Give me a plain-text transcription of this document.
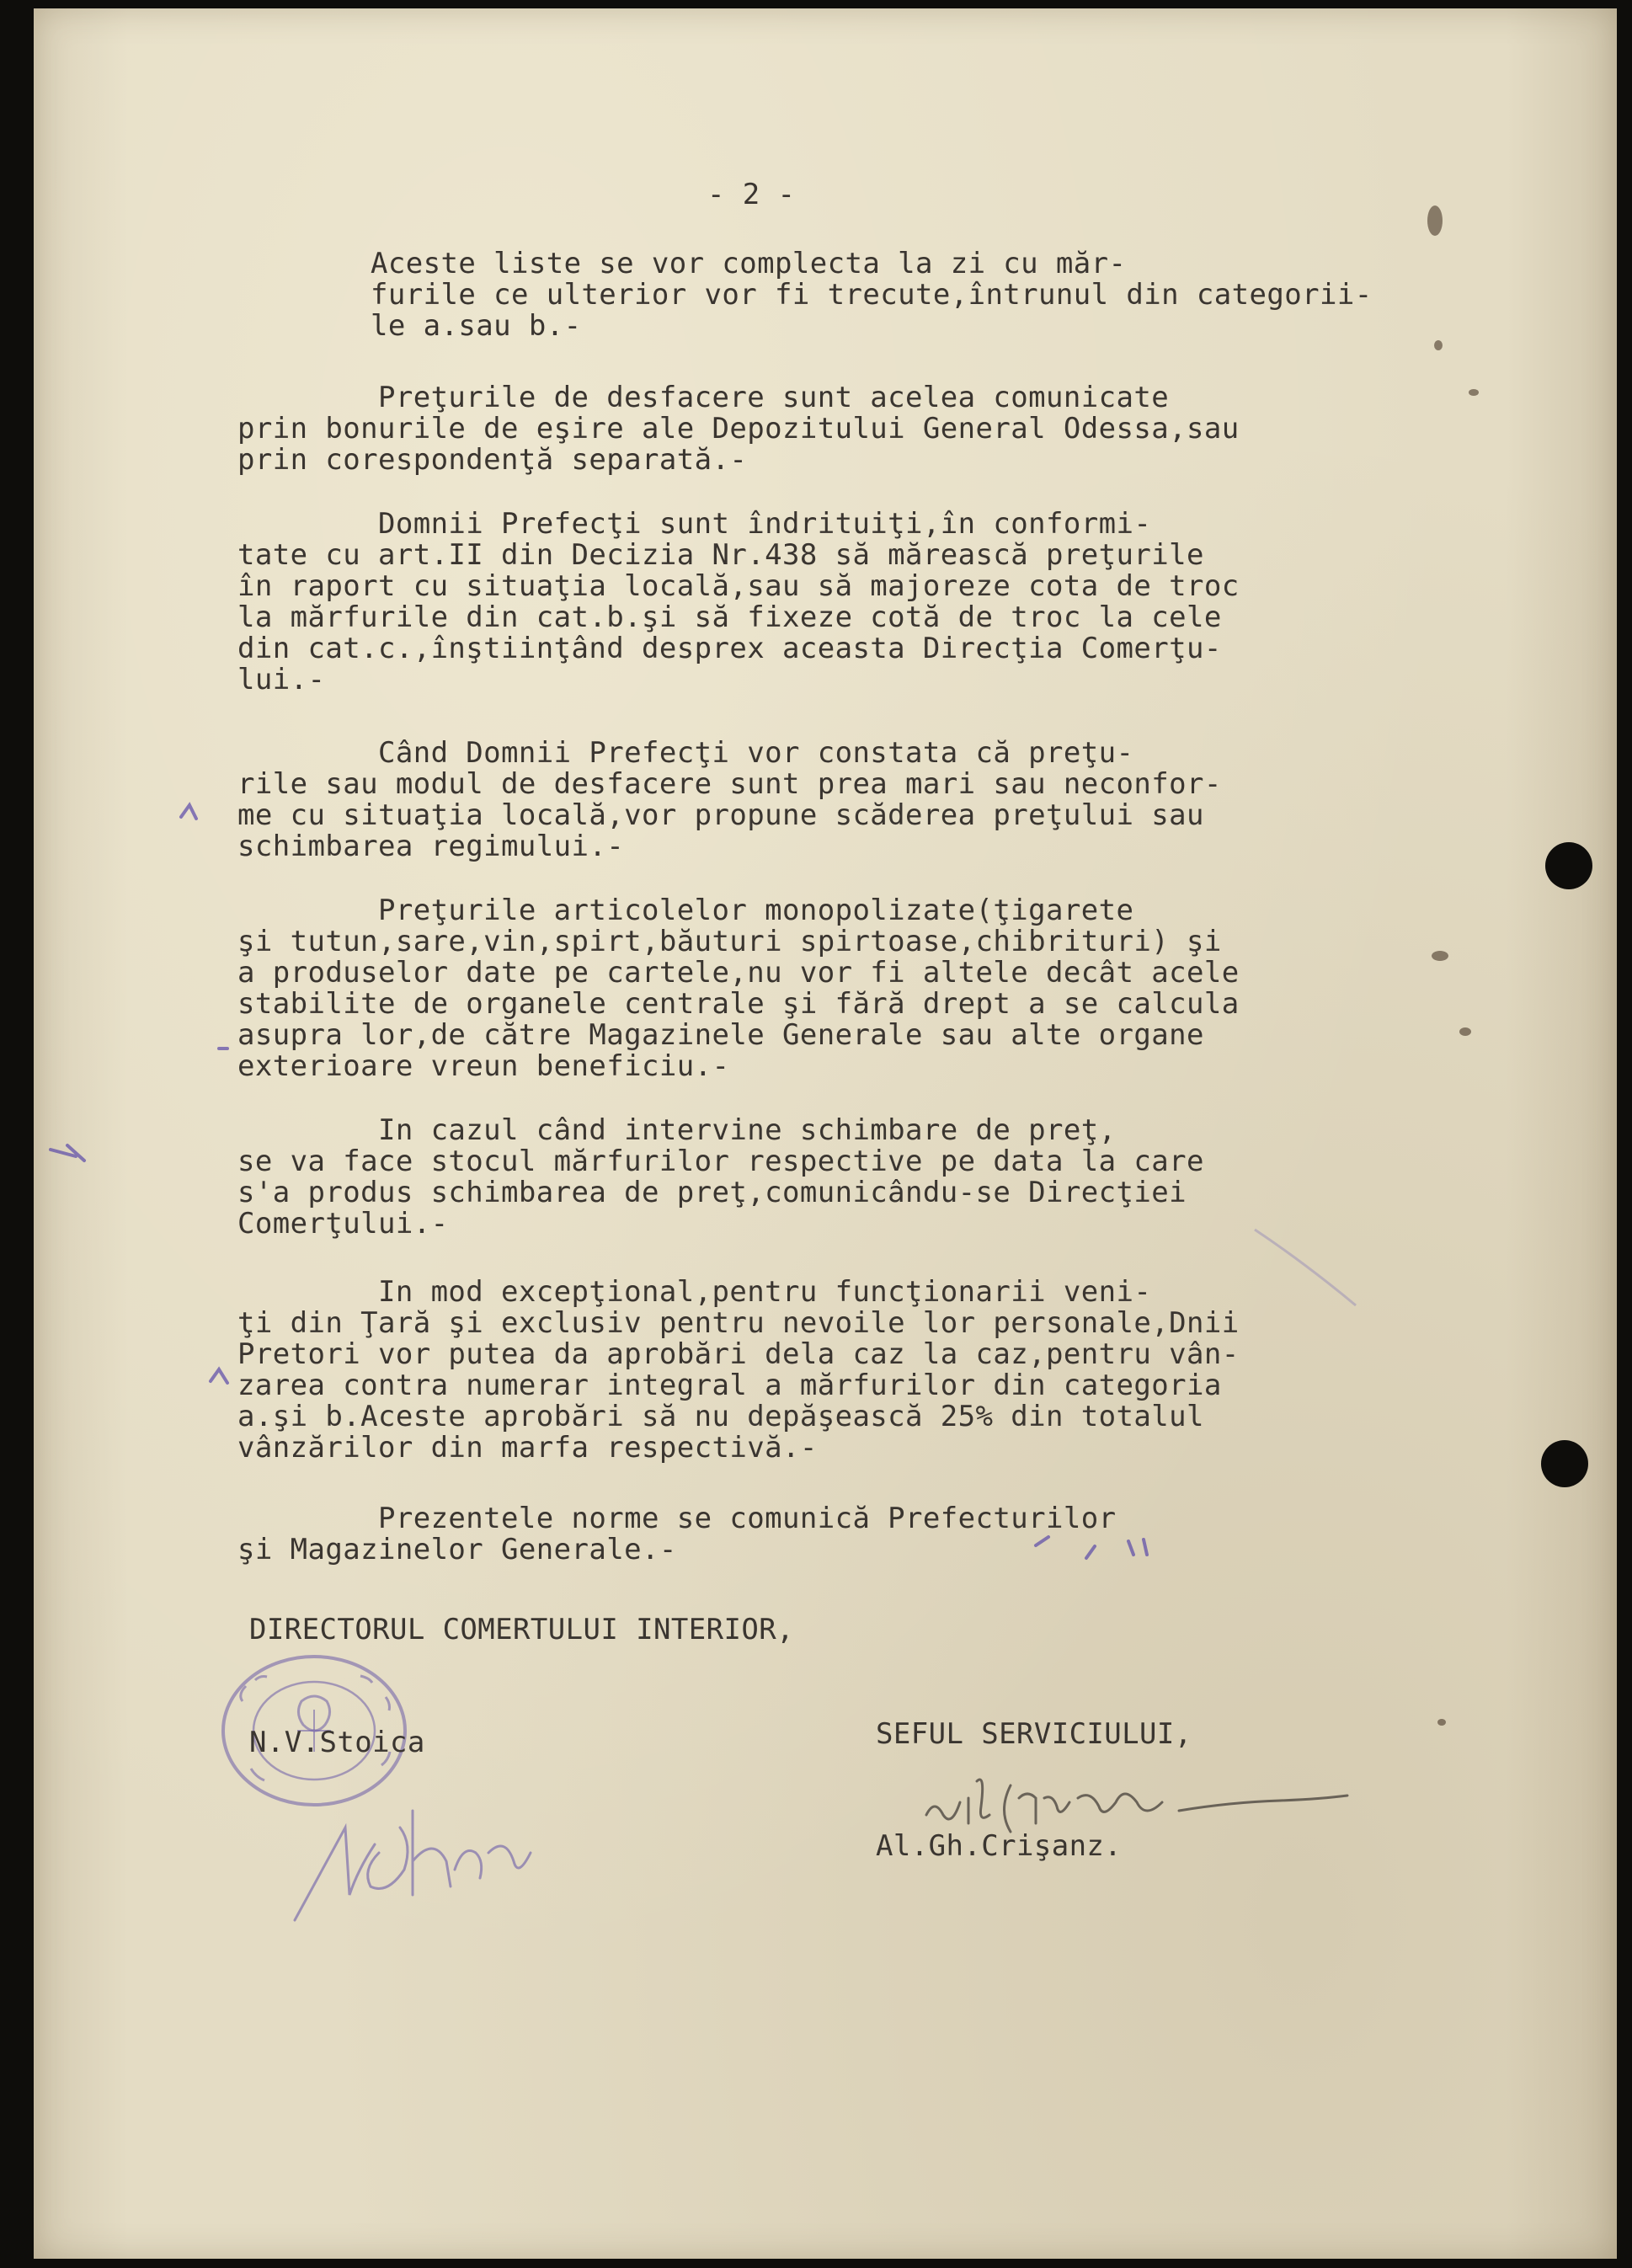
- 2 -

Aceste liste se vor complecta la zi cu măr-
furile ce ulterior vor fi trecute,întrunul din categorii-
le a.sau b.-

Preţurile de desfacere sunt acelea comunicate
prin bonurile de eşire ale Depozitului General Odessa,sau
prin corespondenţă separată.-

Domnii Prefecţi sunt îndrituiţi,în conformi-
tate cu art.II din Decizia Nr.438 să mărească preţurile
în raport cu situaţia locală,sau să majoreze cota de troc
la mărfurile din cat.b.şi să fixeze cotă de troc la cele
din cat.c.,înştiinţând desprex aceasta Direcţia Comerţu-
lui.-

Când Domnii Prefecţi vor constata că preţu-
rile sau modul de desfacere sunt prea mari sau neconfor-
me cu situaţia locală,vor propune scăderea preţului sau
schimbarea regimului.-

Preţurile articolelor monopolizate(ţigarete
şi tutun,sare,vin,spirt,băuturi spirtoase,chibrituri) şi
a produselor date pe cartele,nu vor fi altele decât acele
stabilite de organele centrale şi fără drept a se calcula
asupra lor,de către Magazinele Generale sau alte organe
exterioare vreun beneficiu.-

In cazul când intervine schimbare de preţ,
se va face stocul mărfurilor respective pe data la care
s'a produs schimbarea de preţ,comunicându-se Direcţiei
Comerţului.-

In mod excepţional,pentru funcţionarii veni-
ţi din Ţară şi exclusiv pentru nevoile lor personale,Dnii
Pretori vor putea da aprobări dela caz la caz,pentru vân-
zarea contra numerar integral a mărfurilor din categoria
a.şi b.Aceste aprobări să nu depăşească 25% din totalul
vânzărilor din marfa respectivă.-

Prezentele norme se comunică Prefecturilor
şi Magazinelor Generale.-

DIRECTORUL COMERTULUI INTERIOR,

N.V.Stoica	SEFUL SERVICIULUI,

Al.Gh.Crişanz.
